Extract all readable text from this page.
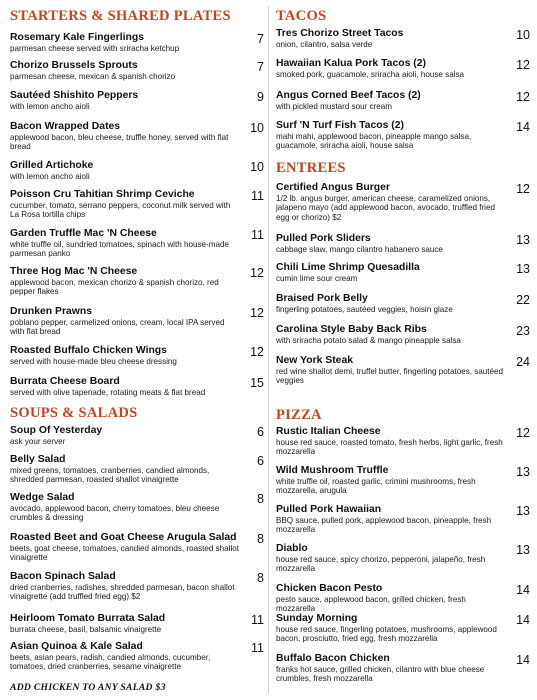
STARTERS & SHARED PLATES
Rosemary Kale Fingerlings
parmesan cheese served with sriracha ketchup
7
Chorizo Brussels Sprouts
parmesan cheese, mexican & spanish chorizo
7
Sautéed Shishito Peppers
with lemon ancho aioli
9
Bacon Wrapped Dates
applewood bacon, bleu cheese, truffle honey, served with flat bread
10
Grilled Artichoke
with lemon ancho aioli
10
Poisson Cru Tahitian Shrimp Ceviche
cucumber, tomato, serrano peppers, coconut milk served with La Rosa tortilla chips
11
Garden Truffle Mac 'N Cheese
white truffle oil, sundried tomatoes, spinach with house-made parmesan panko
11
Three Hog Mac 'N Cheese
applewood bacon, mexican chorizo & spanish chorizo, red pepper flakes
12
Drunken Prawns
poblano pepper, carmelized onions, cream, local IPA served with flat bread
12
Roasted Buffalo Chicken Wings
served with house-made bleu cheese dressing
12
Burrata Cheese Board
served with olive tapenade, rotating meats & flat bread
15
SOUPS & SALADS
Soup Of Yesterday
ask your server
6
Belly Salad
mixed greens, tomatoes, cranberries, candied almonds, shredded parmesan, roasted shallot vinaigrette
6
Wedge Salad
avocado, applewood bacon, cherry tomatoes, bleu cheese crumbles & dressing
8
Roasted Beet and Goat Cheese Arugula Salad
beets, goat cheese, tomatoes, candied almonds, roasted shallot vinaigrette
8
Bacon Spinach Salad
dried cranberries, radishes, shredded parmesan, bacon shallot vinaigrette (add truffled fried egg) $2
8
Heirloom Tomato Burrata Salad
burrata cheese, basil, balsamic vinaigrette
11
Asian Quinoa & Kale Salad
beets, asian pears, radish, candied almonds, cucumber, tomatoes, dried cranberries, sesame vinaigrette
11
ADD CHICKEN TO ANY SALAD $3
TACOS
Tres Chorizo Street Tacos
onion, cilantro, salsa verde
10
Hawaiian Kalua Pork Tacos (2)
smoked pork, guacamole, sriracha aioli, house salsa
12
Angus Corned Beef Tacos (2)
with pickled mustard sour cream
12
Surf 'N Turf Fish Tacos (2)
mahi mahi, applewood bacon, pineapple mango salsa, guacamole, sriracha aioli, house salsa
14
ENTREES
Certified Angus Burger
1/2 lb. angus burger, american cheese, caramelized onions, jalapeno mayo (add applewood bacon, avocado, truffled fried egg or chorizo) $2
12
Pulled Pork Sliders
cabbage slaw, mango cilantro habanero sauce
13
Chili Lime Shrimp Quesadilla
cumin lime sour cream
13
Braised Pork Belly
fingerling potatoes, sautéed veggies, hoisin glaze
22
Carolina Style Baby Back Ribs
with sriracha potato salad & mango pineapple salsa
23
New York Steak
red wine shallot demi, truffel butter, fingerling potatoes, sautéed veggies
24
PIZZA
Rustic Italian Cheese
house red sauce, roasted tomato, fresh herbs, light garlic, fresh mozzarella
12
Wild Mushroom Truffle
white truffle oil, roasted garlic, crimini mushrooms, fresh mozzarella, arugula
13
Pulled Pork Hawaiian
BBQ sauce, pulled pork, applewood bacon, pineapple, fresh mozzarella
13
Diablo
house red sauce, spicy chorizo, pepperoni, jalapeño, fresh mozzarella
13
Chicken Bacon Pesto
pesto sauce, applewood bacon, grilled chicken, fresh mozzarella
14
Sunday Morning
house red sauce, fingerling potatoes, mushrooms, applewood bacon, prosciutto, fried egg, fresh mozzarella
14
Buffalo Bacon Chicken
franks hot sauce, grilled chicken, cilantro with blue cheese crumbles, fresh mozzarella
14
